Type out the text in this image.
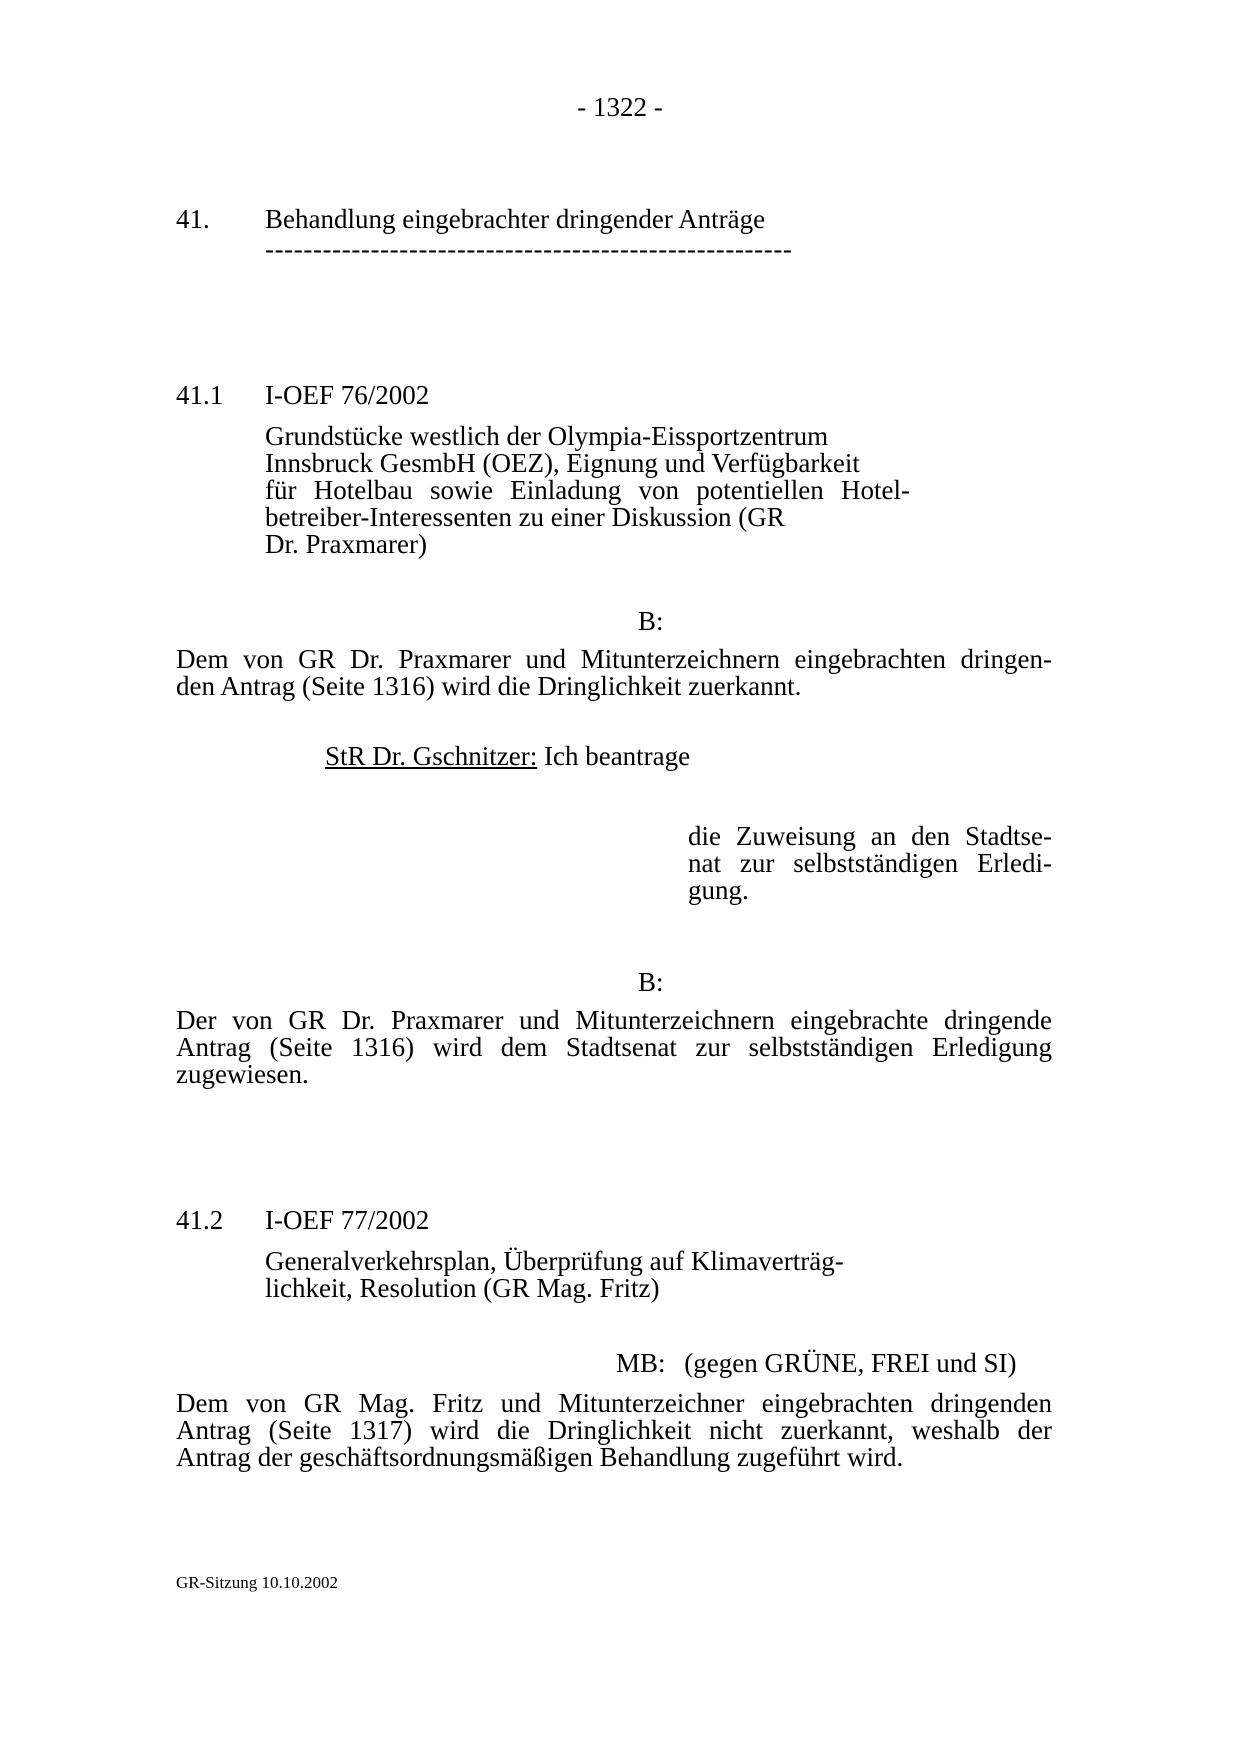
- 1322 -
41. Behandlung eingebrachter dringender Anträge
-------------------------------------------------------
41.1 I-OEF 76/2002
Grundstücke westlich der Olympia-Eissportzentrum
Innsbruck GesmbH (OEZ), Eignung und Verfügbarkeit
für Hotelbau sowie Einladung von potentiellen Hotel-
betreiber-Interessenten zu einer Diskussion (GR
Dr. Praxmarer)
B:
Dem von GR Dr. Praxmarer und Mitunterzeichnern eingebrachten dringen-
den Antrag (Seite 1316) wird die Dringlichkeit zuerkannt.
StR Dr. Gschnitzer: Ich beantrage
die Zuweisung an den Stadtse-
nat zur selbstständigen Erledi-
gung.
B:
Der von GR Dr. Praxmarer und Mitunterzeichnern eingebrachte dringende
Antrag (Seite 1316) wird dem Stadtsenat zur selbstständigen Erledigung
zugewiesen.
41.2 I-OEF 77/2002
Generalverkehrsplan, Überprüfung auf Klimaverträg-
lichkeit, Resolution (GR Mag. Fritz)
MB: (gegen GRÜNE, FREI und SI)
Dem von GR Mag. Fritz und Mitunterzeichner eingebrachten dringenden
Antrag (Seite 1317) wird die Dringlichkeit nicht zuerkannt, weshalb der
Antrag der geschäftsordnungsmäßigen Behandlung zugeführt wird.
GR-Sitzung 10.10.2002
